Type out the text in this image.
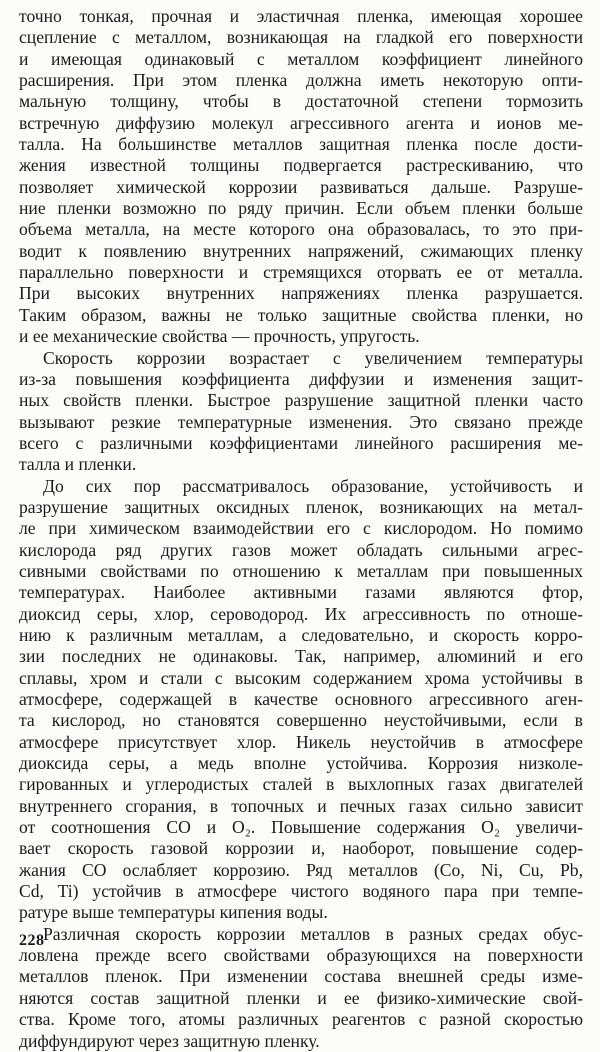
точно тонкая, прочная и эластичная пленка, имеющая хорошее
сцепление с металлом, возникающая на гладкой его поверхности
и имеющая одинаковый с металлом коэффициент линейного
расширения. При этом пленка должна иметь некоторую опти-
мальную толщину, чтобы в достаточной степени тормозить
встречную диффузию молекул агрессивного агента и ионов ме-
талла. На большинстве металлов защитная пленка после дости-
жения известной толщины подвергается растрескиванию, что
позволяет химической коррозии развиваться дальше. Разруше-
ние пленки возможно по ряду причин. Если объем пленки больше
объема металла, на месте которого она образовалась, то это при-
водит к появлению внутренних напряжений, сжимающих пленку
параллельно поверхности и стремящихся оторвать ее от металла.
При высоких внутренних напряжениях пленка разрушается.
Таким образом, важны не только защитные свойства пленки, но
и ее механические свойства — прочность, упругость.
Скорость коррозии возрастает с увеличением температуры
из-за повышения коэффициента диффузии и изменения защит-
ных свойств пленки. Быстрое разрушение защитной пленки часто
вызывают резкие температурные изменения. Это связано прежде
всего с различными коэффициентами линейного расширения ме-
талла и пленки.
До сих пор рассматривалось образование, устойчивость и
разрушение защитных оксидных пленок, возникающих на метал-
ле при химическом взаимодействии его с кислородом. Но помимо
кислорода ряд других газов может обладать сильными агрес-
сивными свойствами по отношению к металлам при повышенных
температурах. Наиболее активными газами являются фтор,
диоксид серы, хлор, сероводород. Их агрессивность по отноше-
нию к различным металлам, а следовательно, и скорость корро-
зии последних не одинаковы. Так, например, алюминий и его
сплавы, хром и стали с высоким содержанием хрома устойчивы в
атмосфере, содержащей в качестве основного агрессивного аген-
та кислород, но становятся совершенно неустойчивыми, если в
атмосфере присутствует хлор. Никель неустойчив в атмосфере
диоксида серы, а медь вполне устойчива. Коррозия низколе-
гированных и углеродистых сталей в выхлопных газах двигателей
внутреннего сгорания, в топочных и печных газах сильно зависит
от соотношения CO и O₂. Повышение содержания O₂ увеличи-
вает скорость газовой коррозии и, наоборот, повышение содер-
жания CO ослабляет коррозию. Ряд металлов (Co, Ni, Cu, Pb,
Cd, Ti) устойчив в атмосфере чистого водяного пара при темпе-
ратуре выше температуры кипения воды.
Различная скорость коррозии металлов в разных средах обус-
ловлена прежде всего свойствами образующихся на поверхности
металлов пленок. При изменении состава внешней среды изме-
няются состав защитной пленки и ее физико-химические свой-
ства. Кроме того, атомы различных реагентов с разной скоростью
диффундируют через защитную пленку.
228
